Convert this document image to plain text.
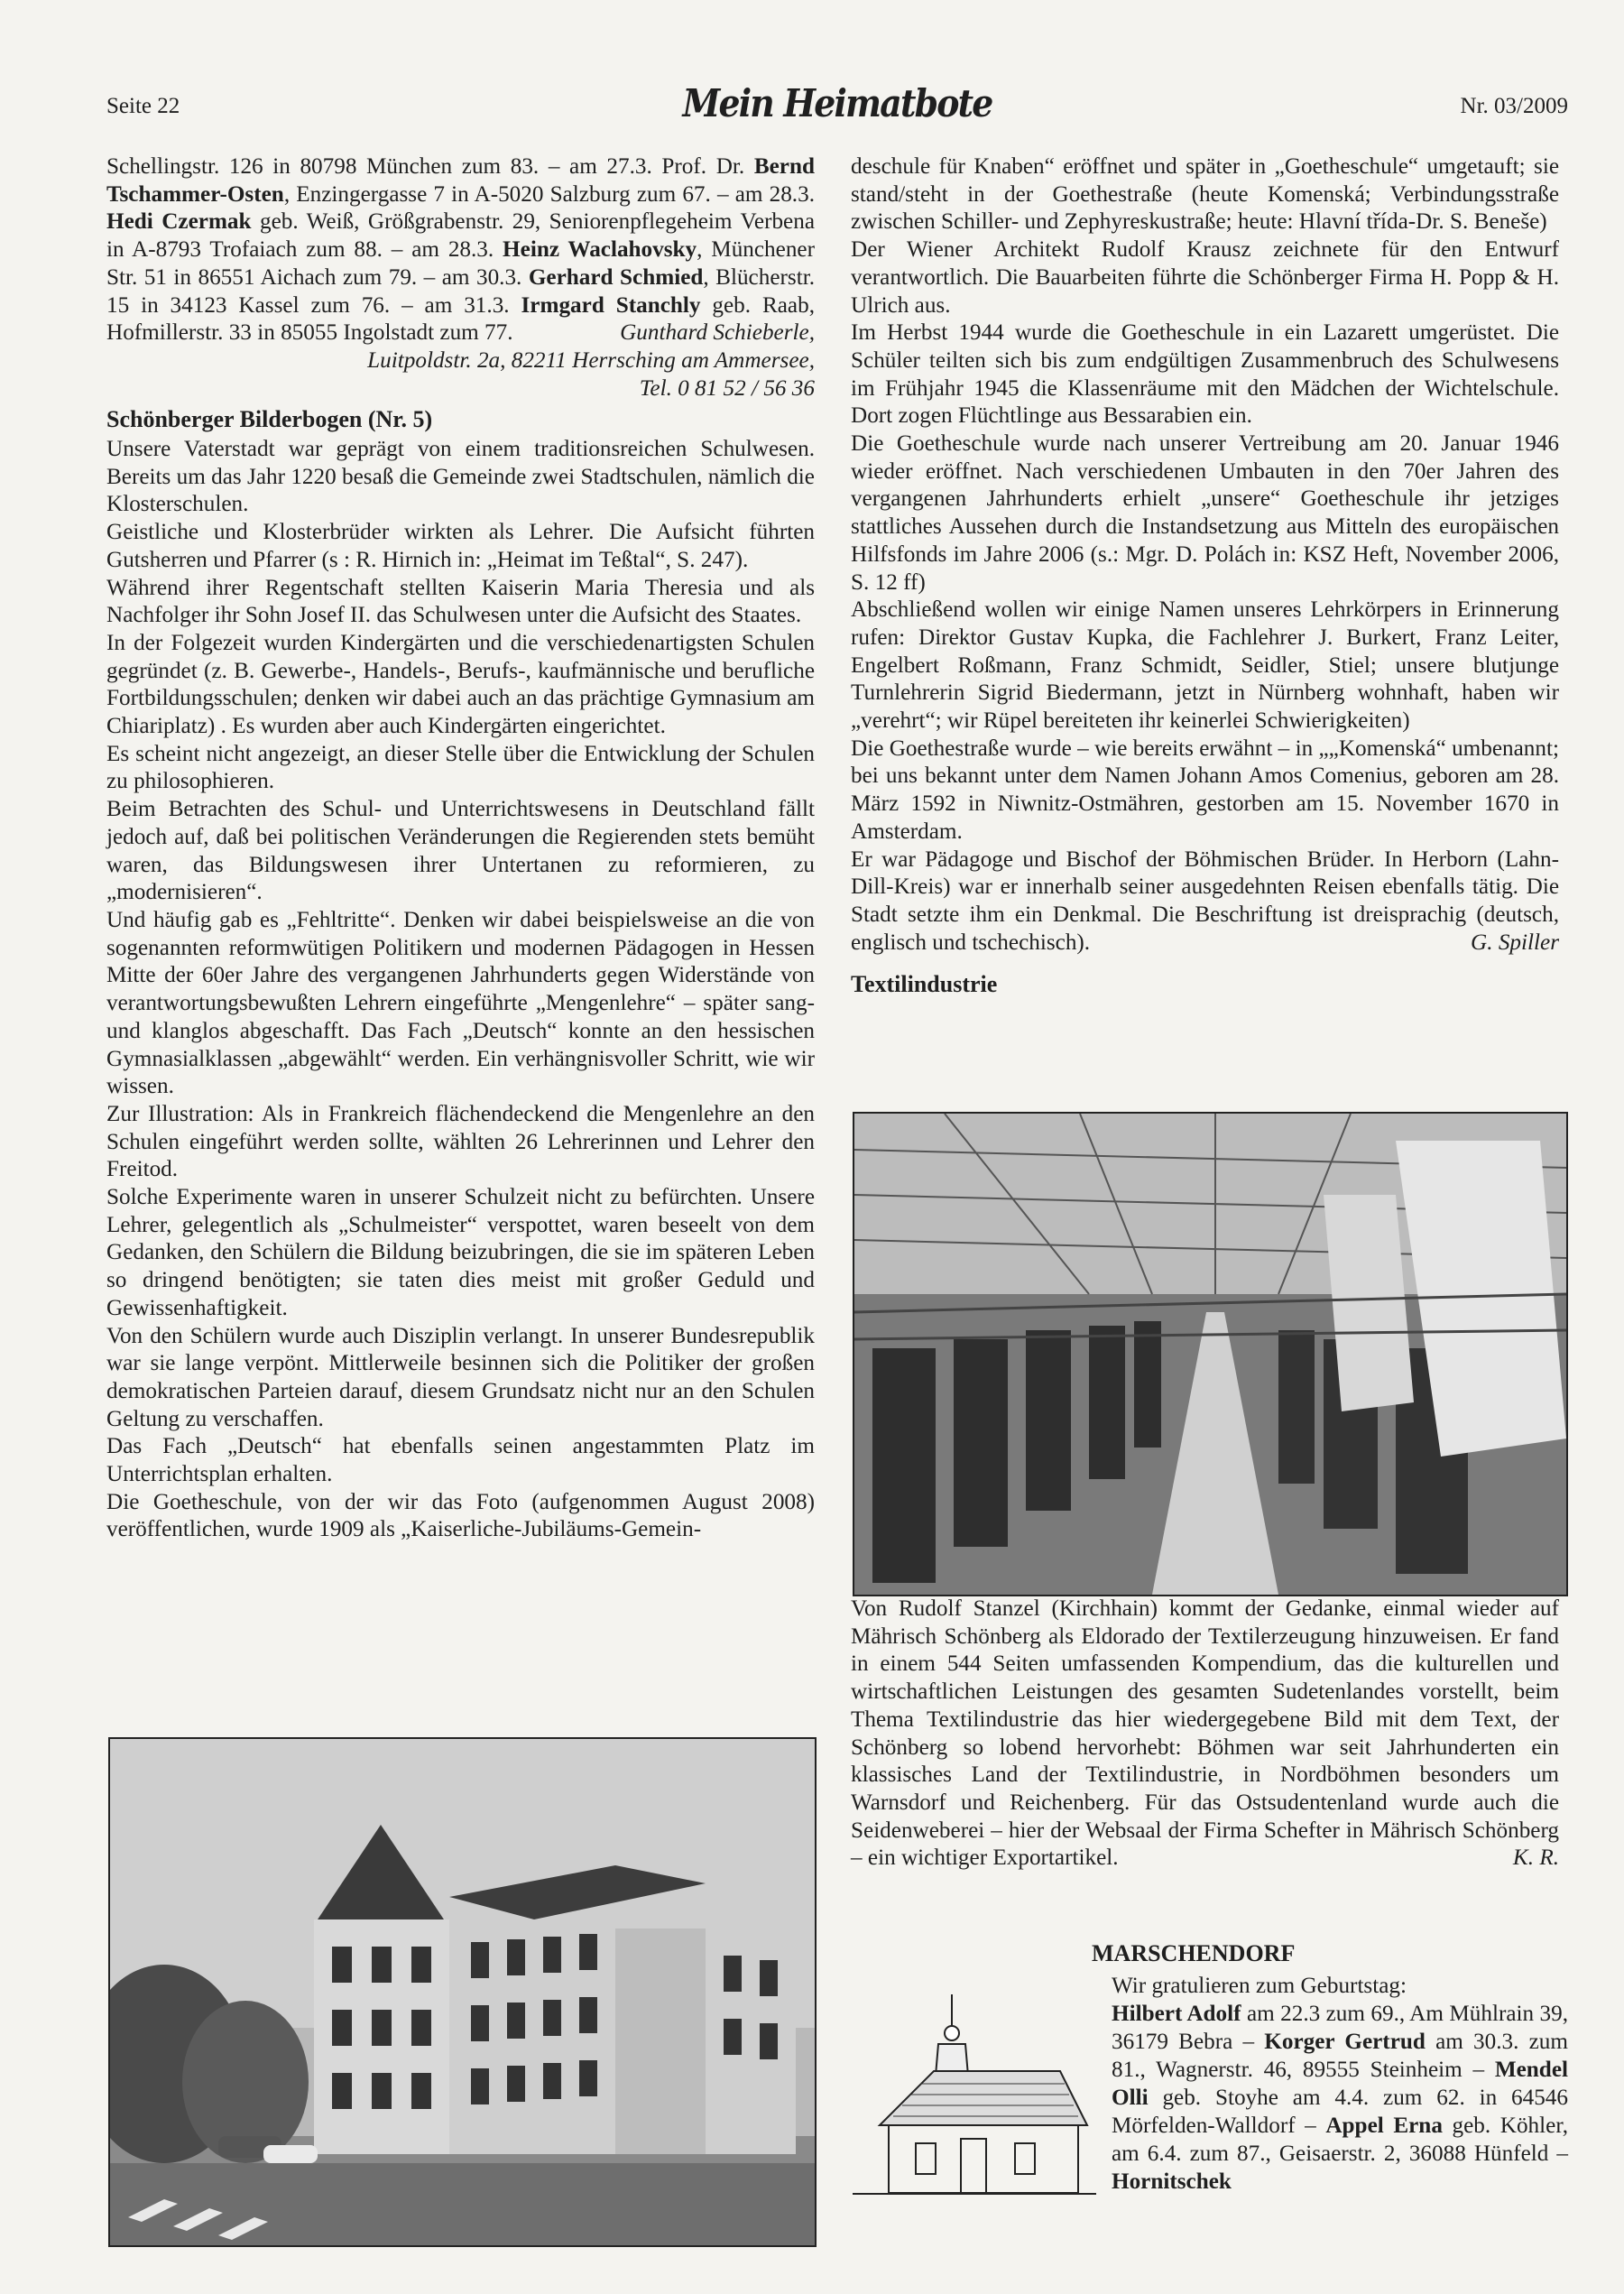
Seite 22	Mein Heimatbote	Nr. 03/2009

Schellingstr. 126 in 80798 München zum 83. – am 27.3. Prof. Dr. Bernd Tschammer-Osten, Enzingergasse 7 in A-5020 Salzburg zum 67. – am 28.3. Hedi Czermak geb. Weiß, Größgrabenstr. 29, Seniorenpflegeheim Verbena in A-8793 Trofaiach zum 88. – am 28.3. Heinz Waclahovsky, Münchener Str. 51 in 86551 Aichach zum 79. – am 30.3. Gerhard Schmied, Blücherstr. 15 in 34123 Kassel zum 76. – am 31.3. Irmgard Stanchly geb. Raab, Hofmillerstr. 33 in 85055 Ingolstadt zum 77.	Gunthard Schieberle,
Luitpoldstr. 2a, 82211 Herrsching am Ammersee,
Tel. 0 81 52 / 56 36
Schönberger Bilderbogen (Nr. 5)

Unsere Vaterstadt war geprägt von einem traditionsreichen Schulwesen. Bereits um das Jahr 1220 besaß die Gemeinde zwei Stadtschulen, nämlich die Klosterschulen.

Geistliche und Klosterbrüder wirkten als Lehrer. Die Aufsicht führten Gutsherren und Pfarrer (s : R. Hirnich in: „Heimat im Teßtal“, S. 247).

Während ihrer Regentschaft stellten Kaiserin Maria Theresia und als Nachfolger ihr Sohn Josef II. das Schulwesen unter die Aufsicht des Staates.

In der Folgezeit wurden Kindergärten und die verschiedenartigsten Schulen gegründet (z. B. Gewerbe-, Handels-, Berufs-, kaufmännische und berufliche Fortbildungsschulen; denken wir dabei auch an das prächtige Gymnasium am Chiariplatz) . Es wurden aber auch Kindergärten eingerichtet.

Es scheint nicht angezeigt, an dieser Stelle über die Entwicklung der Schulen zu philosophieren.

Beim Betrachten des Schul- und Unterrichtswesens in Deutschland fällt jedoch auf, daß bei politischen Veränderungen die Regierenden stets bemüht waren, das Bildungswesen ihrer Untertanen zu reformieren, zu „modernisieren“.

Und häufig gab es „Fehltritte“. Denken wir dabei beispielsweise an die von sogenannten reformwütigen Politikern und modernen Pädagogen in Hessen Mitte der 60er Jahre des vergangenen Jahrhunderts gegen Widerstände von verantwortungsbewußten Lehrern eingeführte „Mengenlehre“ – später sang- und klanglos abgeschafft. Das Fach „Deutsch“ konnte an den hessischen Gymnasialklassen „abgewählt“ werden. Ein verhängnisvoller Schritt, wie wir wissen.

Zur Illustration: Als in Frankreich flächendeckend die Mengenlehre an den Schulen eingeführt werden sollte, wählten 26 Lehrerinnen und Lehrer den Freitod.

Solche Experimente waren in unserer Schulzeit nicht zu befürchten. Unsere Lehrer, gelegentlich als „Schulmeister“ verspottet, waren beseelt von dem Gedanken, den Schülern die Bildung beizubringen, die sie im späteren Leben so dringend benötigten; sie taten dies meist mit großer Geduld und Gewissenhaftigkeit.

Von den Schülern wurde auch Disziplin verlangt. In unserer Bundesrepublik war sie lange verpönt. Mittlerweile besinnen sich die Politiker der großen demokratischen Parteien darauf, diesem Grundsatz nicht nur an den Schulen Geltung zu verschaffen.

Das Fach „Deutsch“ hat ebenfalls seinen angestammten Platz im Unterrichtsplan erhalten.

Die Goetheschule, von der wir das Foto (aufgenommen August 2008) veröffentlichen, wurde 1909 als „Kaiserliche-Jubiläums-Gemein-

deschule für Knaben“ eröffnet und später in „Goetheschule“ umgetauft; sie stand/steht in der Goethestraße (heute Komenská; Verbindungsstraße zwischen Schiller- und Zephyreskustraße; heute: Hlavní třída-Dr. S. Beneše)

Der Wiener Architekt Rudolf Krausz zeichnete für den Entwurf verantwortlich. Die Bauarbeiten führte die Schönberger Firma H. Popp & H. Ulrich aus.

Im Herbst 1944 wurde die Goetheschule in ein Lazarett umgerüstet. Die Schüler teilten sich bis zum endgültigen Zusammenbruch des Schulwesens im Frühjahr 1945 die Klassenräume mit den Mädchen der Wichtelschule. Dort zogen Flüchtlinge aus Bessarabien ein.

Die Goetheschule wurde nach unserer Vertreibung am 20. Januar 1946 wieder eröffnet. Nach verschiedenen Umbauten in den 70er Jahren des vergangenen Jahrhunderts erhielt „unsere“ Goetheschule ihr jetziges stattliches Aussehen durch die Instandsetzung aus Mitteln des europäischen Hilfsfonds im Jahre 2006 (s.: Mgr. D. Polách in: KSZ Heft, November 2006, S. 12 ff)

Abschließend wollen wir einige Namen unseres Lehrkörpers in Erinnerung rufen: Direktor Gustav Kupka, die Fachlehrer J. Burkert, Franz Leiter, Engelbert Roßmann, Franz Schmidt, Seidler, Stiel; unsere blutjunge Turnlehrerin Sigrid Biedermann, jetzt in Nürnberg wohnhaft, haben wir „verehrt“; wir Rüpel bereiteten ihr keinerlei Schwierigkeiten)

Die Goethestraße wurde – wie bereits erwähnt – in „„Komenská“ umbenannt; bei uns bekannt unter dem Namen Johann Amos Comenius, geboren am 28. März 1592 in Niwnitz-Ostmähren, gestorben am 15. November 1670 in Amsterdam.

Er war Pädagoge und Bischof der Böhmischen Brüder. In Herborn (Lahn-Dill-Kreis) war er innerhalb seiner ausgedehnten Reisen ebenfalls tätig. Die Stadt setzte ihm ein Denkmal. Die Beschriftung ist dreisprachig (deutsch, englisch und tschechisch).	G. Spiller

Textilindustrie

Von Rudolf Stanzel (Kirchhain) kommt der Gedanke, einmal wieder auf Mährisch Schönberg als Eldorado der Textilerzeugung hinzuweisen. Er fand in einem 544 Seiten umfassenden Kompendium, das die kulturellen und wirtschaftlichen Leistungen des gesamten Sudetenlandes vorstellt, beim Thema Textilindustrie das hier wiedergegebene Bild mit dem Text, der Schönberg so lobend hervorhebt: Böhmen war seit Jahrhunderten ein klassisches Land der Textilindustrie, in Nordböhmen besonders um Warnsdorf und Reichenberg. Für das Ostsudentenland wurde auch die Seidenweberei – hier der Websaal der Firma Schefter in Mährisch Schönberg – ein wichtiger Exportartikel.	K. R.
MARSCHENDORF
Wir gratulieren zum Geburtstag:
Hilbert Adolf am 22.3 zum 69., Am Mühlrain 39, 36179 Bebra – Korger Gertrud am 30.3. zum 81., Wagnerstr. 46, 89555 Steinheim – Mendel Olli geb. Stoyhe am 4.4. zum 62. in 64546 Mörfelden-Walldorf – Appel Erna geb. Köhler, am 6.4. zum 87., Geisaerstr. 2, 36088 Hünfeld – Hornitschek
